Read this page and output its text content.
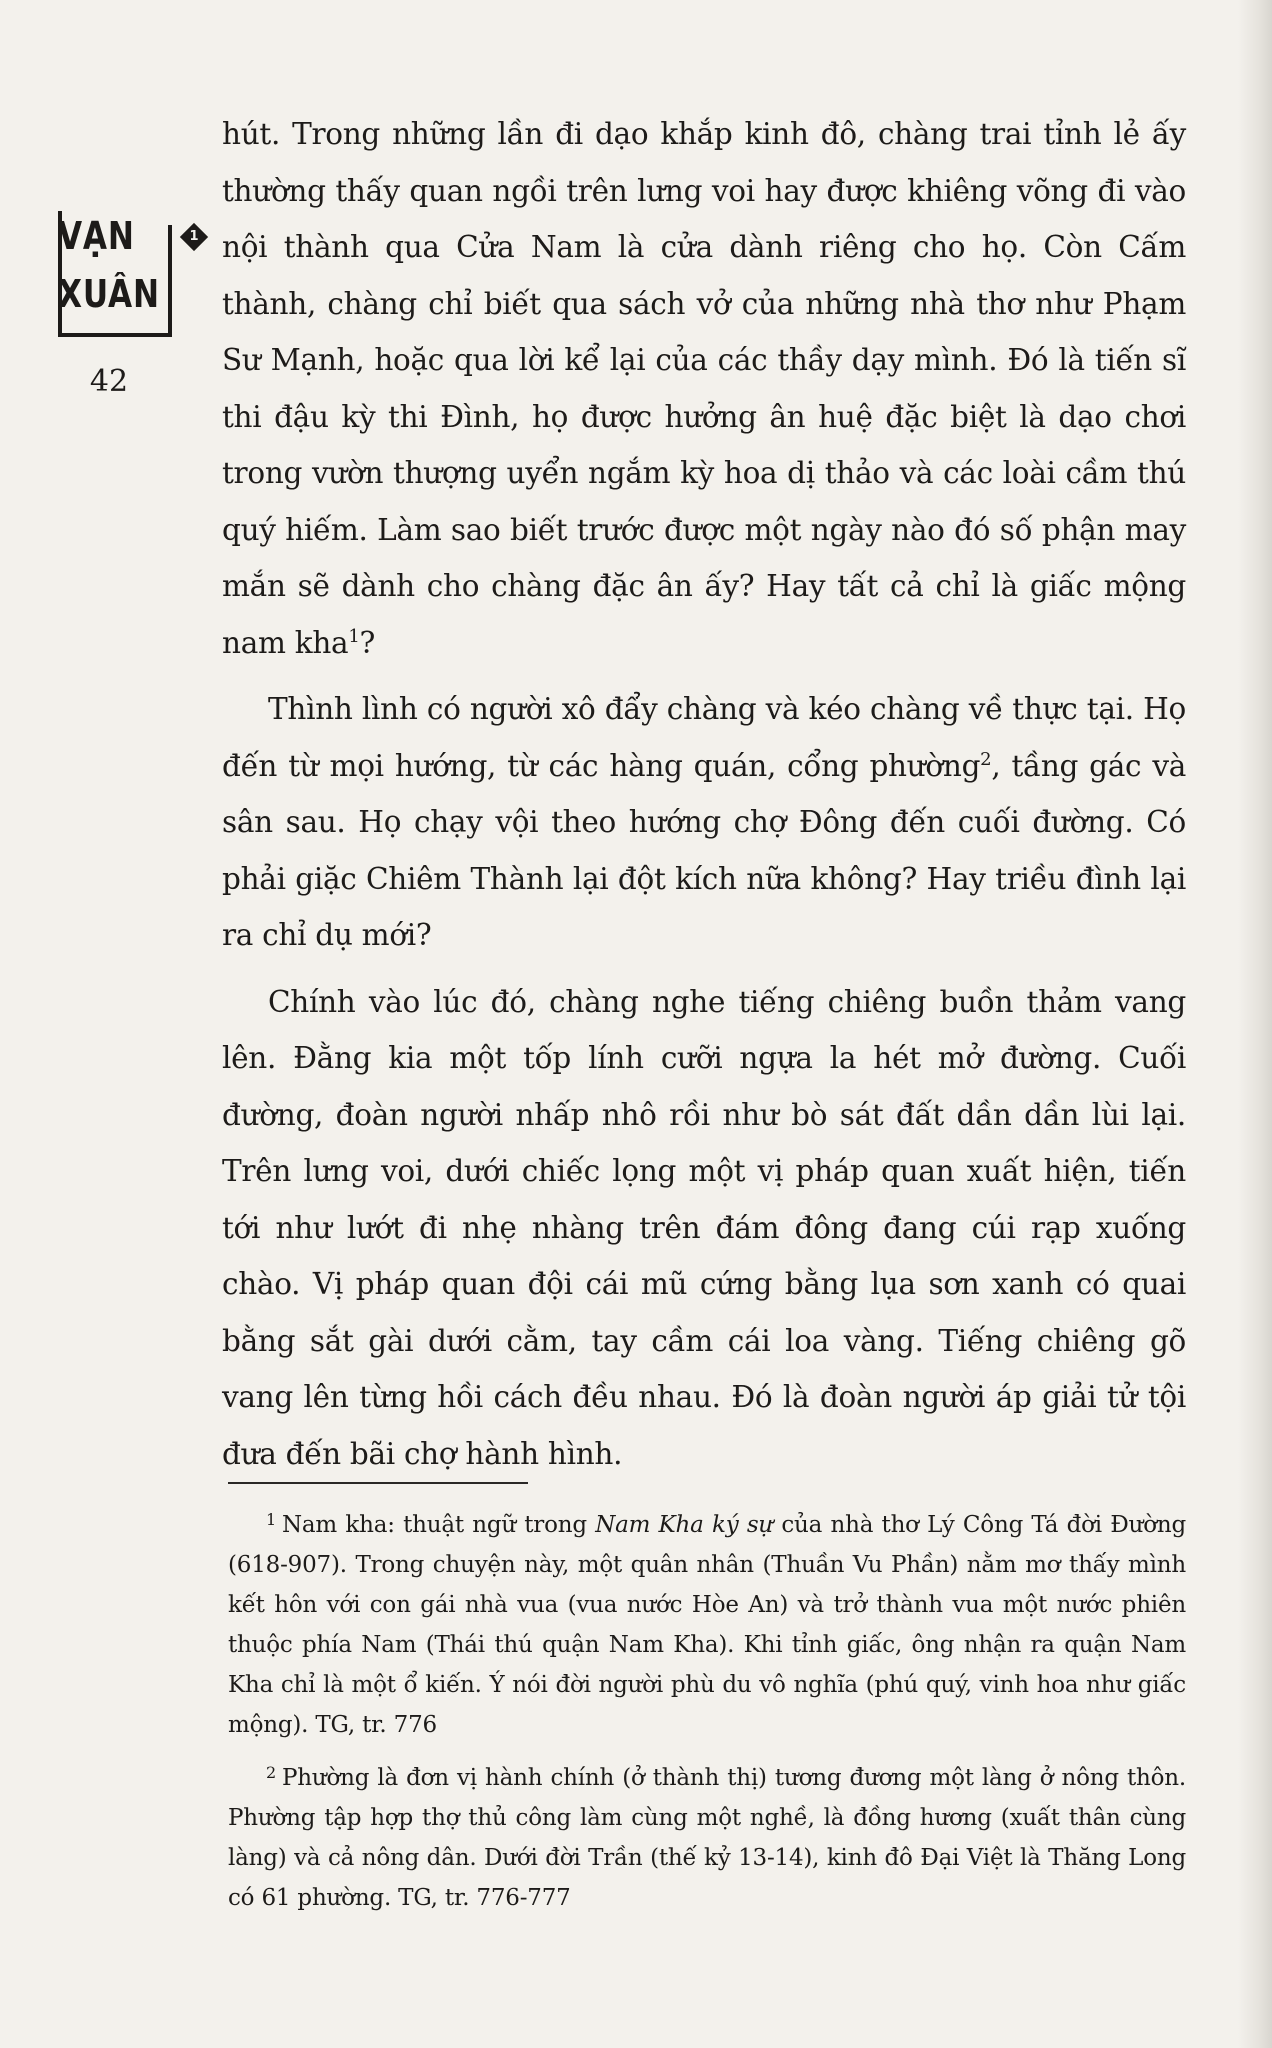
VẠN
XUÂN
1
42

hút. Trong những lần đi dạo khắp kinh đô, chàng trai tỉnh lẻ ấy thường thấy quan ngồi trên lưng voi hay được khiêng võng đi vào nội thành qua Cửa Nam là cửa dành riêng cho họ. Còn Cấm thành, chàng chỉ biết qua sách vở của những nhà thơ như Phạm Sư Mạnh, hoặc qua lời kể lại của các thầy dạy mình. Đó là tiến sĩ thi đậu kỳ thi Đình, họ được hưởng ân huệ đặc biệt là dạo chơi trong vườn thượng uyển ngắm kỳ hoa dị thảo và các loài cầm thú quý hiếm. Làm sao biết trước được một ngày nào đó số phận may mắn sẽ dành cho chàng đặc ân ấy? Hay tất cả chỉ là giấc mộng nam kha$^1$?

Thình lình có người xô đẩy chàng và kéo chàng về thực tại. Họ đến từ mọi hướng, từ các hàng quán, cổng phường$^2$, tầng gác và sân sau. Họ chạy vội theo hướng chợ Đông đến cuối đường. Có phải giặc Chiêm Thành lại đột kích nữa không? Hay triều đình lại ra chỉ dụ mới?

Chính vào lúc đó, chàng nghe tiếng chiêng buồn thảm vang lên. Đằng kia một tốp lính cưỡi ngựa la hét mở đường. Cuối đường, đoàn người nhấp nhô rồi như bò sát đất dần dần lùi lại. Trên lưng voi, dưới chiếc lọng một vị pháp quan xuất hiện, tiến tới như lướt đi nhẹ nhàng trên đám đông đang cúi rạp xuống chào. Vị pháp quan đội cái mũ cứng bằng lụa sơn xanh có quai bằng sắt gài dưới cằm, tay cầm cái loa vàng. Tiếng chiêng gõ vang lên từng hồi cách đều nhau. Đó là đoàn người áp giải tử tội đưa đến bãi chợ hành hình.

$^1$ Nam kha: thuật ngữ trong Nam Kha ký sự của nhà thơ Lý Công Tá đời Đường (618-907). Trong chuyện này, một quân nhân (Thuần Vu Phần) nằm mơ thấy mình kết hôn với con gái nhà vua (vua nước Hòe An) và trở thành vua một nước phiên thuộc phía Nam (Thái thú quận Nam Kha). Khi tỉnh giấc, ông nhận ra quận Nam Kha chỉ là một ổ kiến. Ý nói đời người phù du vô nghĩa (phú quý, vinh hoa như giấc mộng). TG, tr. 776

$^2$ Phường là đơn vị hành chính (ở thành thị) tương đương một làng ở nông thôn. Phường tập hợp thợ thủ công làm cùng một nghề, là đồng hương (xuất thân cùng làng) và cả nông dân. Dưới đời Trần (thế kỷ 13-14), kinh đô Đại Việt là Thăng Long có 61 phường. TG, tr. 776-777
